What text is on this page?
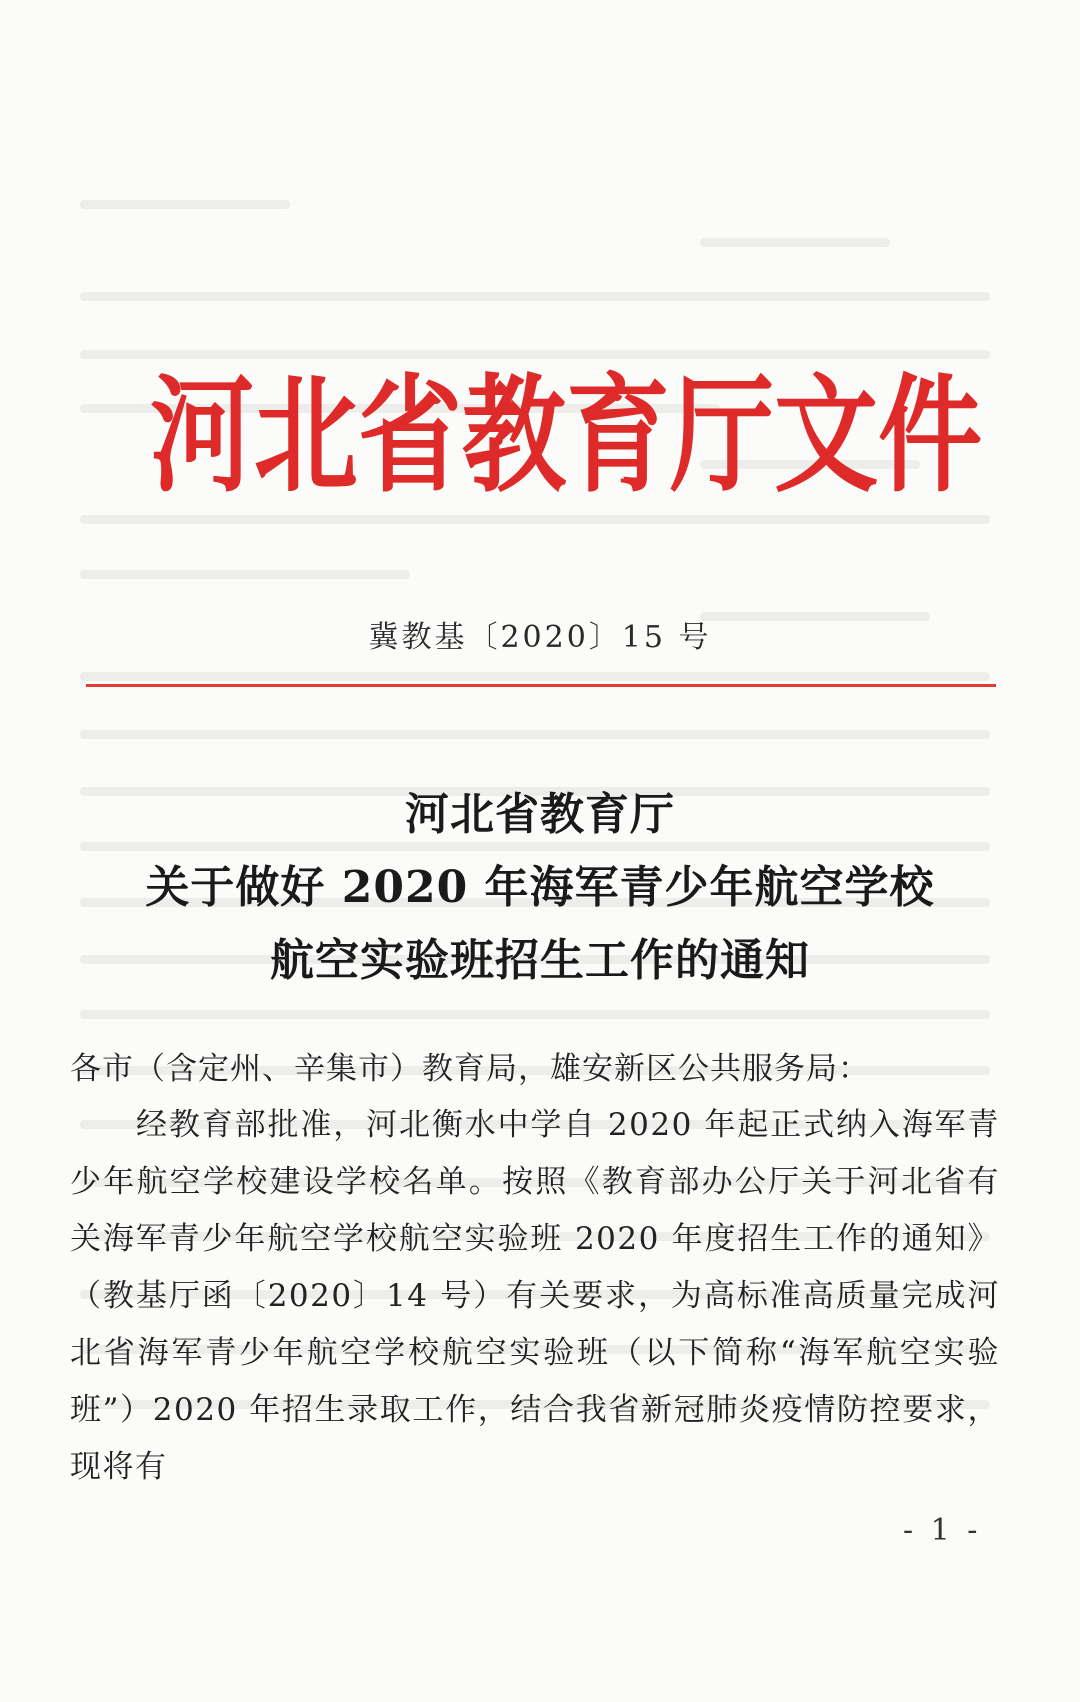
河 北 省 教 育 厅 文 件
冀教基〔2020〕15 号
河北省教育厅
关于做好 2020 年海军青少年航空学校
航空实验班招生工作的通知
各市（含定州、辛集市）教育局，雄安新区公共服务局：
经教育部批准，河北衡水中学自 2020 年起正式纳入海军青少年航空学校建设学校名单。按照《教育部办公厅关于河北省有关海军青少年航空学校航空实验班 2020 年度招生工作的通知》（教基厅函〔2020〕14 号）有关要求，为高标准高质量完成河北省海军青少年航空学校航空实验班（以下简称“海军航空实验班”）2020 年招生录取工作，结合我省新冠肺炎疫情防控要求，现将有
- 1 -
